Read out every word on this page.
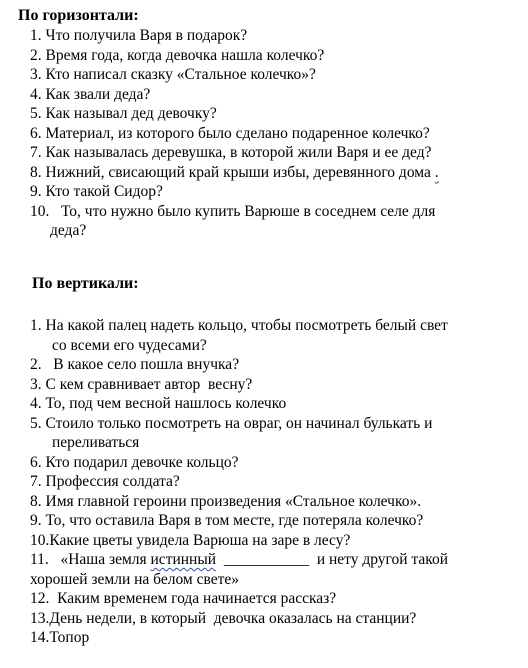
По горизонтали:

1. Что получила Варя в подарок?
2. Время года, когда девочка нашла колечко?
3. Кто написал сказку «Стальное колечко»?
4. Как звали деда?
5. Как называл дед девочку?
6. Материал, из которого было сделано подаренное колечко?
7. Как называлась деревушка, в которой жили Варя и ее дед?
8. Нижний, свисающий край крыши избы, деревянного дома .
9. Кто такой Сидор?
10.   То, что нужно было купить Варюше в соседнем селе для
деда?

По вертикали:

1. На какой палец надеть кольцо, чтобы посмотреть белый свет
со всеми его чудесами?
2.   В какое село пошла внучка?
3. С кем сравнивает автор  весну?
4. То, под чем весной нашлось колечко
5. Стоило только посмотреть на овраг, он начинал булькать и
переливаться
6. Кто подарил девочке кольцо?
7. Профессия солдата?
8. Имя главной героини произведения «Стальное колечко».
9. То, что оставила Варя в том месте, где потеряла колечко?
10.Какие цветы увидела Варюша на заре в лесу?
11.   «Наша земля истинный  ___________  и нету другой такой
хорошей земли на белом свете»
12.  Каким временем года начинается рассказ?
13.День недели, в который  девочка оказалась на станции?
14.Топор
